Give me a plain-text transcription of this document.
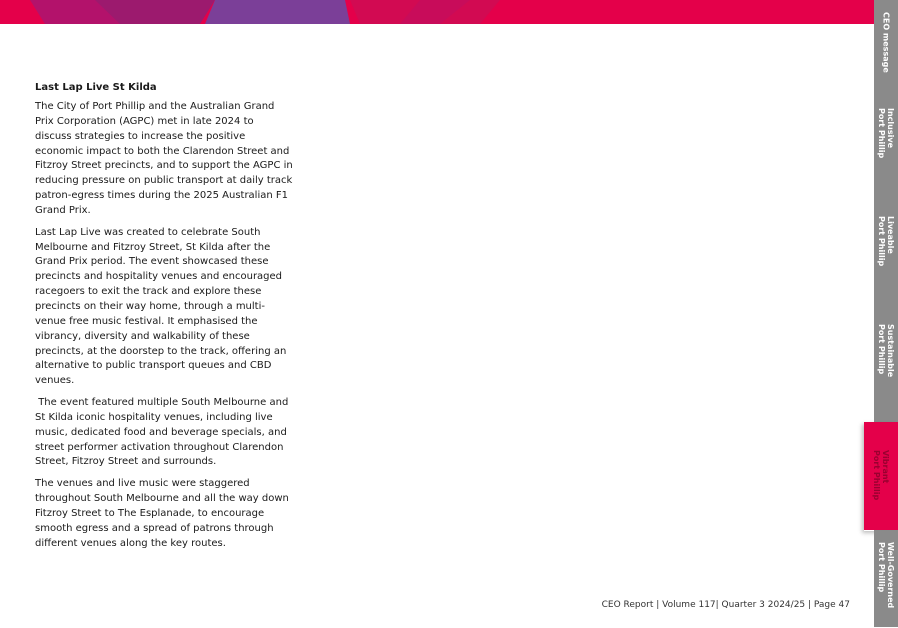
Last Lap Live St Kilda

The City of Port Phillip and the Australian Grand Prix Corporation (AGPC) met in late 2024 to discuss strategies to increase the positive economic impact to both the Clarendon Street and Fitzroy Street precincts, and to support the AGPC in reducing pressure on public transport at daily track patron-egress times during the 2025 Australian F1 Grand Prix.

Last Lap Live was created to celebrate South Melbourne and Fitzroy Street, St Kilda after the Grand Prix period. The event showcased these precincts and hospitality venues and encouraged racegoers to exit the track and explore these precincts on their way home, through a multi-venue free music festival. It emphasised the vibrancy, diversity and walkability of these precincts, at the doorstep to the track, offering an alternative to public transport queues and CBD venues.

The event featured multiple South Melbourne and St Kilda iconic hospitality venues, including live music, dedicated food and beverage specials, and street performer activation throughout Clarendon Street, Fitzroy Street and surrounds.

The venues and live music were staggered throughout South Melbourne and all the way down Fitzroy Street to The Esplanade, to encourage smooth egress and a spread of patrons through different venues along the key routes.

CEO Report | Volume 117| Quarter 3 2024/25 | Page 47
CEO message
Inclusive
Port Phillip
Liveable
Port Phillip
Sustainable
Port Phillip
Vibrant
Port Phillip
Well-Governed
Port Phillip
